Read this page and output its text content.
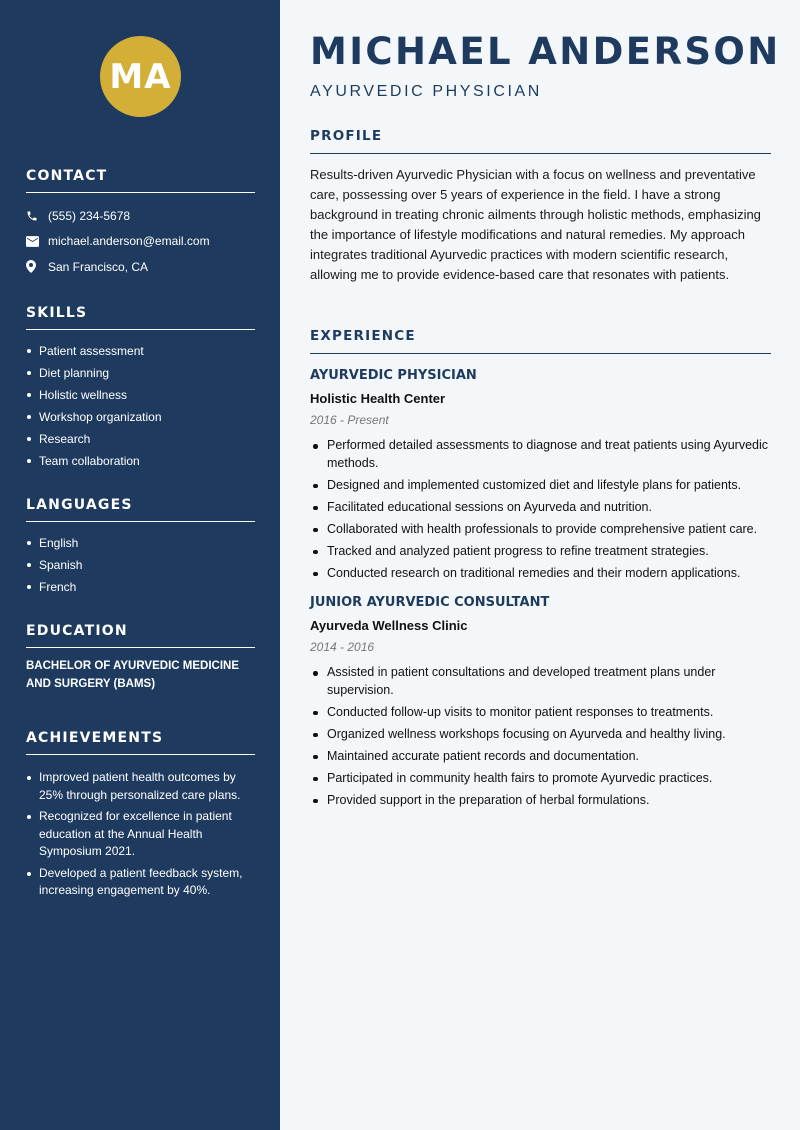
MA
CONTACT
(555) 234-5678
michael.anderson@email.com
San Francisco, CA
SKILLS
Patient assessment
Diet planning
Holistic wellness
Workshop organization
Research
Team collaboration
LANGUAGES
English
Spanish
French
EDUCATION
BACHELOR OF AYURVEDIC MEDICINE AND SURGERY (BAMS)
ACHIEVEMENTS
Improved patient health outcomes by 25% through personalized care plans.
Recognized for excellence in patient education at the Annual Health Symposium 2021.
Developed a patient feedback system, increasing engagement by 40%.
MICHAEL ANDERSON
AYURVEDIC PHYSICIAN
PROFILE
Results-driven Ayurvedic Physician with a focus on wellness and preventative care, possessing over 5 years of experience in the field. I have a strong background in treating chronic ailments through holistic methods, emphasizing the importance of lifestyle modifications and natural remedies. My approach integrates traditional Ayurvedic practices with modern scientific research, allowing me to provide evidence-based care that resonates with patients.
EXPERIENCE
AYURVEDIC PHYSICIAN
Holistic Health Center
2016 - Present
Performed detailed assessments to diagnose and treat patients using Ayurvedic methods.
Designed and implemented customized diet and lifestyle plans for patients.
Facilitated educational sessions on Ayurveda and nutrition.
Collaborated with health professionals to provide comprehensive patient care.
Tracked and analyzed patient progress to refine treatment strategies.
Conducted research on traditional remedies and their modern applications.
JUNIOR AYURVEDIC CONSULTANT
Ayurveda Wellness Clinic
2014 - 2016
Assisted in patient consultations and developed treatment plans under supervision.
Conducted follow-up visits to monitor patient responses to treatments.
Organized wellness workshops focusing on Ayurveda and healthy living.
Maintained accurate patient records and documentation.
Participated in community health fairs to promote Ayurvedic practices.
Provided support in the preparation of herbal formulations.
